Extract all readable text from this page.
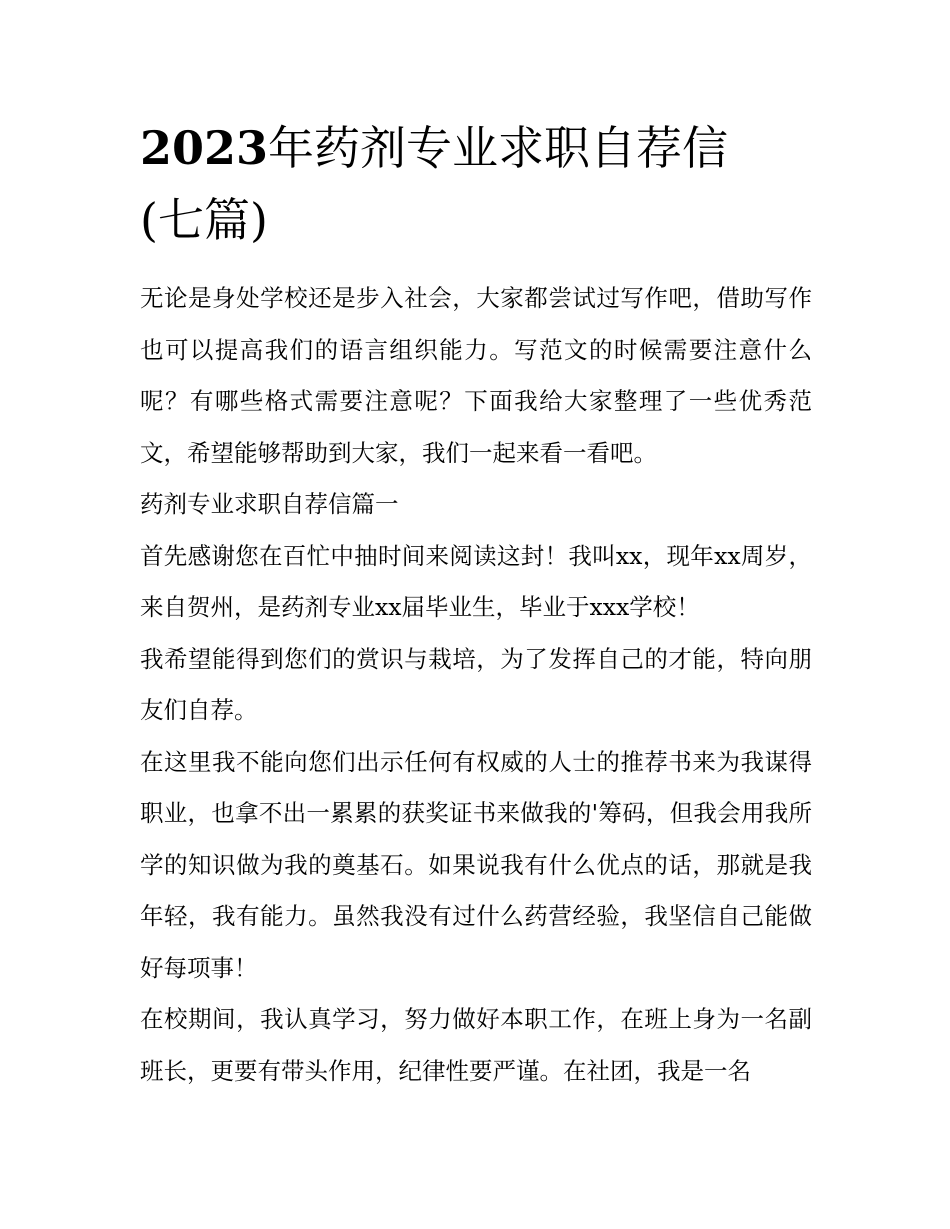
2023年药剂专业求职自荐信
(七篇)

无论是身处学校还是步入社会，大家都尝试过写作吧，借助写作也可以提高我们的语言组织能力。写范文的时候需要注意什么呢？有哪些格式需要注意呢？下面我给大家整理了一些优秀范文，希望能够帮助到大家，我们一起来看一看吧。

药剂专业求职自荐信篇一

首先感谢您在百忙中抽时间来阅读这封！我叫xx，现年xx周岁，来自贺州，是药剂专业xx届毕业生，毕业于xxx学校！

我希望能得到您们的赏识与栽培，为了发挥自己的才能，特向朋友们自荐。

在这里我不能向您们出示任何有权威的人士的推荐书来为我谋得职业，也拿不出一累累的获奖证书来做我的'筹码，但我会用我所学的知识做为我的奠基石。如果说我有什么优点的话，那就是我年轻，我有能力。虽然我没有过什么药营经验，我坚信自己能做好每项事！

在校期间，我认真学习，努力做好本职工作，在班上身为一名副班长，更要有带头作用，纪律性要严谨。在社团，我是一名
